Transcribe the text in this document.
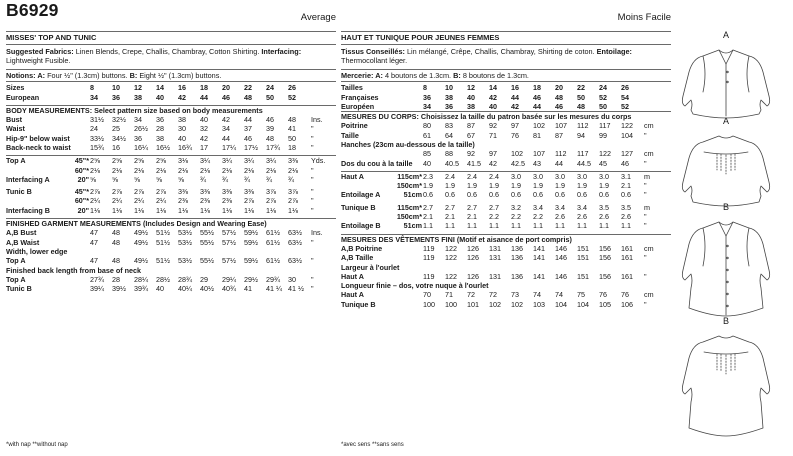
B6929	Average
MISSES' TOP AND TUNIC
Suggested Fabrics: Linen Blends, Crepe, Challis, Chambray, Cotton Shirting. Interfacing: Lightweight Fusible.
Notions: A: Four ½" (1.3cm) buttons. B: Eight ½" (1.3cm) buttons.
Sizes		8	10	12	14	16	18	20	22	24	26	
European		34	36	38	40	42	44	46	48	50	52	

BODY MEASUREMENTS: Select pattern size based on body measurements												
Bust		31½	32½	34	36	38	40	42	44	46	48	Ins.
Waist		24	25	26½	28	30	32	34	37	39	41	"
Hip-9" below waist		33½	34½	36	38	40	42	44	46	48	50	"
Back-neck to waist		15¾	16	16¼	16½	16¾	17	17¼	17½	17¾	18	"

Top A	45"*	2⅝	2⅝	2⅝	2⅝	3⅛	3¼	3¼	3¼	3¼	3⅜	Yds.
	60"*	2⅛	2⅛	2⅛	2⅛	2⅛	2⅛	2⅛	2⅛	2⅛	2⅛	"
Interfacing A	20"	⅝	⅝	⅝	⅝	⅝	¾	¾	¾	¾	¾	"

Tunic B	45"*	2⅞	2⅞	2⅞	2⅞	3⅜	3⅜	3⅜	3⅜	3⅞	3⅞	"
	60"*	2¼	2¼	2¼	2¼	2⅜	2⅜	2⅜	2⅞	2⅞	2⅞	"
Interfacing B	20"	1⅛	1⅛	1⅛	1⅛	1⅛	1⅛	1⅛	1⅛	1⅛	1⅛	"

FINISHED GARMENT MEASUREMENTS (Includes Design and Wearing Ease)												
A,B Bust		47	48	49½	51½	53½	55½	57½	59½	61½	63½	Ins.
A,B Waist		47	48	49½	51½	53½	55½	57½	59½	61½	63½	"
Width, lower edge												
Top A		47	48	49½	51½	53½	55½	57½	59½	61½	63½	"
Finished back length from base of neck												
Top A		27¾	28	28¼	28½	28¾	29	29¼	29½	29¾	30	"
Tunic B		39¼	39½	39¾	40	40¼	40½	40¾	41	41 ¼	41 ½	"
Moins Facile
HAUT ET TUNIQUE POUR JEUNES FEMMES
Tissus Conseillés: Lin mélangé, Crêpe, Challis, Chambray, Shirting de coton. Entoilage: Thermocollant léger.
Mercerie: A: 4 boutons de 1.3cm. B: 8 boutons de 1.3cm.
Tailles		8	10	12	14	16	18	20	22	24	26	
Françaises		36	38	40	42	44	46	48	50	52	54	
Européen		34	36	38	40	42	44	46	48	50	52	
MESURES DU CORPS: Choisissez la taille du patron basée sur les mesures du corps												
Poitrine		80	83	87	92	97	102	107	112	117	122	cm
Taille		61	64	67	71	76	81	87	94	99	104	"
Hanches (23cm au-dessous de la taille)												
		85	88	92	97	102	107	112	117	122	127	cm
Dos du cou à la taille		40	40.5	41.5	42	42.5	43	44	44.5	45	46	"

Haut A	115cm*	2.3	2.4	2.4	2.4	3.0	3.0	3.0	3.0	3.0	3.1	m
	150cm*	1.9	1.9	1.9	1.9	1.9	1.9	1.9	1.9	1.9	2.1	"
Entoilage A	51cm	0.6	0.6	0.6	0.6	0.6	0.6	0.6	0.6	0.6	0.6	"

Tunique B	115cm*	2.7	2.7	2.7	2.7	3.2	3.4	3.4	3.4	3.5	3.5	m
	150cm*	2.1	2.1	2.1	2.2	2.2	2.2	2.6	2.6	2.6	2.6	"
Entoilage B	51cm	1.1	1.1	1.1	1.1	1.1	1.1	1.1	1.1	1.1	1.1	"

MESURES DES VÊTEMENTS FINI (Motif et aisance de port compris)												
A,B Poitrine		119	122	126	131	136	141	146	151	156	161	cm
A,B Taille		119	122	126	131	136	141	146	151	156	161	"
Largeur à l'ourlet												
Haut A		119	122	126	131	136	141	146	151	156	161	"
Longueur finie – dos, votre nuque à l'ourlet												
Haut A		70	71	72	72	73	74	74	75	76	76	cm
Tunique B		100	100	101	102	102	103	104	104	105	106	"
*with nap **without nap	*avec sens **sans sens
A
A
B
B
